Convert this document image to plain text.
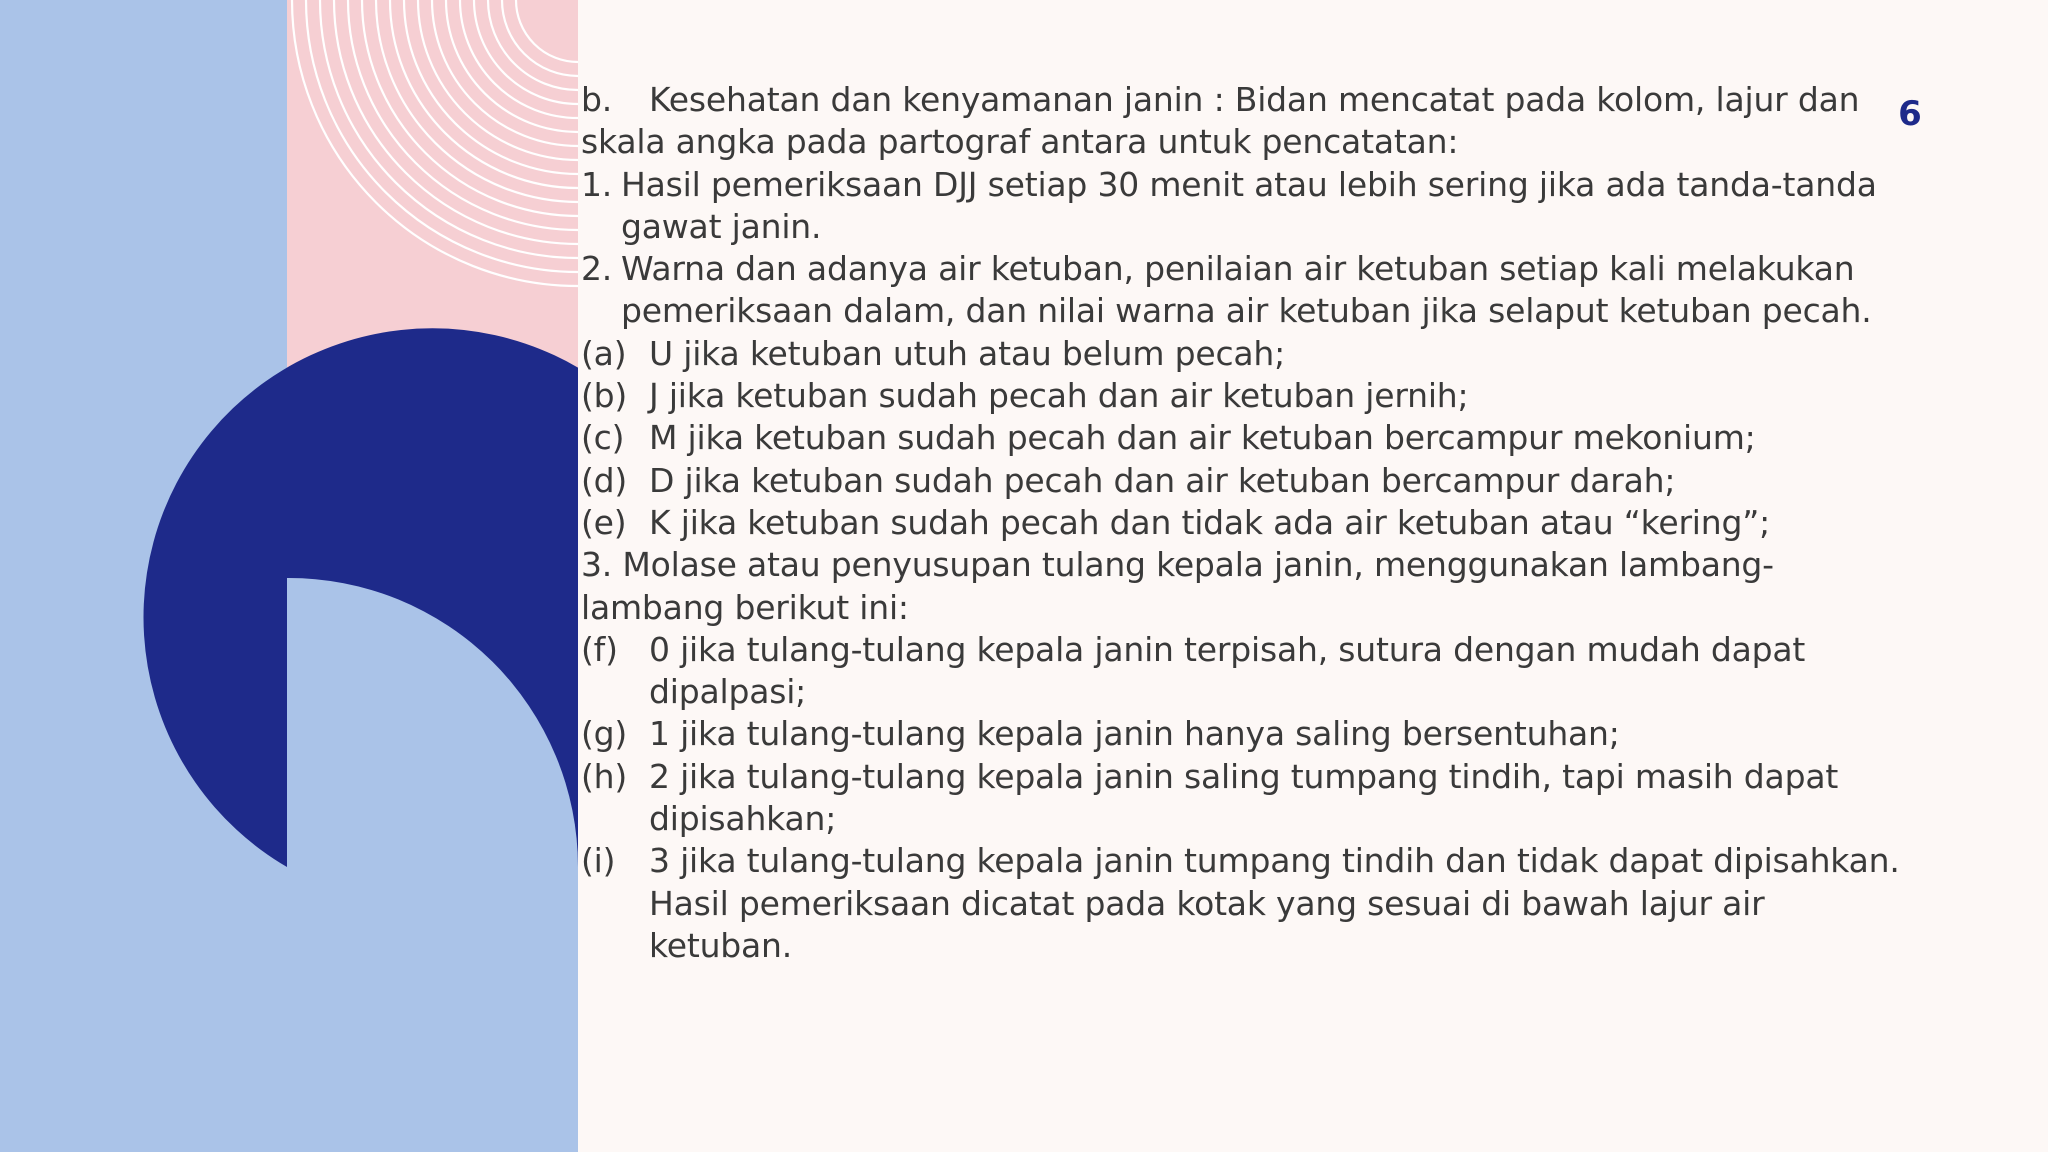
6

b. Kesehatan dan kenyamanan janin : Bidan mencatat pada kolom, lajur dan skala angka pada partograf antara untuk pencatatan:

1. Hasil pemeriksaan DJJ setiap 30 menit atau lebih sering jika ada tanda-tanda gawat janin.
2. Warna dan adanya air ketuban, penilaian air ketuban setiap kali melakukan pemeriksaan dalam, dan nilai warna air ketuban jika selaput ketuban pecah.
(a) U jika ketuban utuh atau belum pecah;
(b) J jika ketuban sudah pecah dan air ketuban jernih;
(c) M jika ketuban sudah pecah dan air ketuban bercampur mekonium;
(d) D jika ketuban sudah pecah dan air ketuban bercampur darah;
(e) K jika ketuban sudah pecah dan tidak ada air ketuban atau “kering”;

3. Molase atau penyusupan tulang kepala janin, menggunakan lambang-lambang berikut ini:

(f) 0 jika tulang-tulang kepala janin terpisah, sutura dengan mudah dapat dipalpasi;
(g) 1 jika tulang-tulang kepala janin hanya saling bersentuhan;
(h) 2 jika tulang-tulang kepala janin saling tumpang tindih, tapi masih dapat dipisahkan;
(i) 3 jika tulang-tulang kepala janin tumpang tindih dan tidak dapat dipisahkan. Hasil pemeriksaan dicatat pada kotak yang sesuai di bawah lajur air ketuban.
